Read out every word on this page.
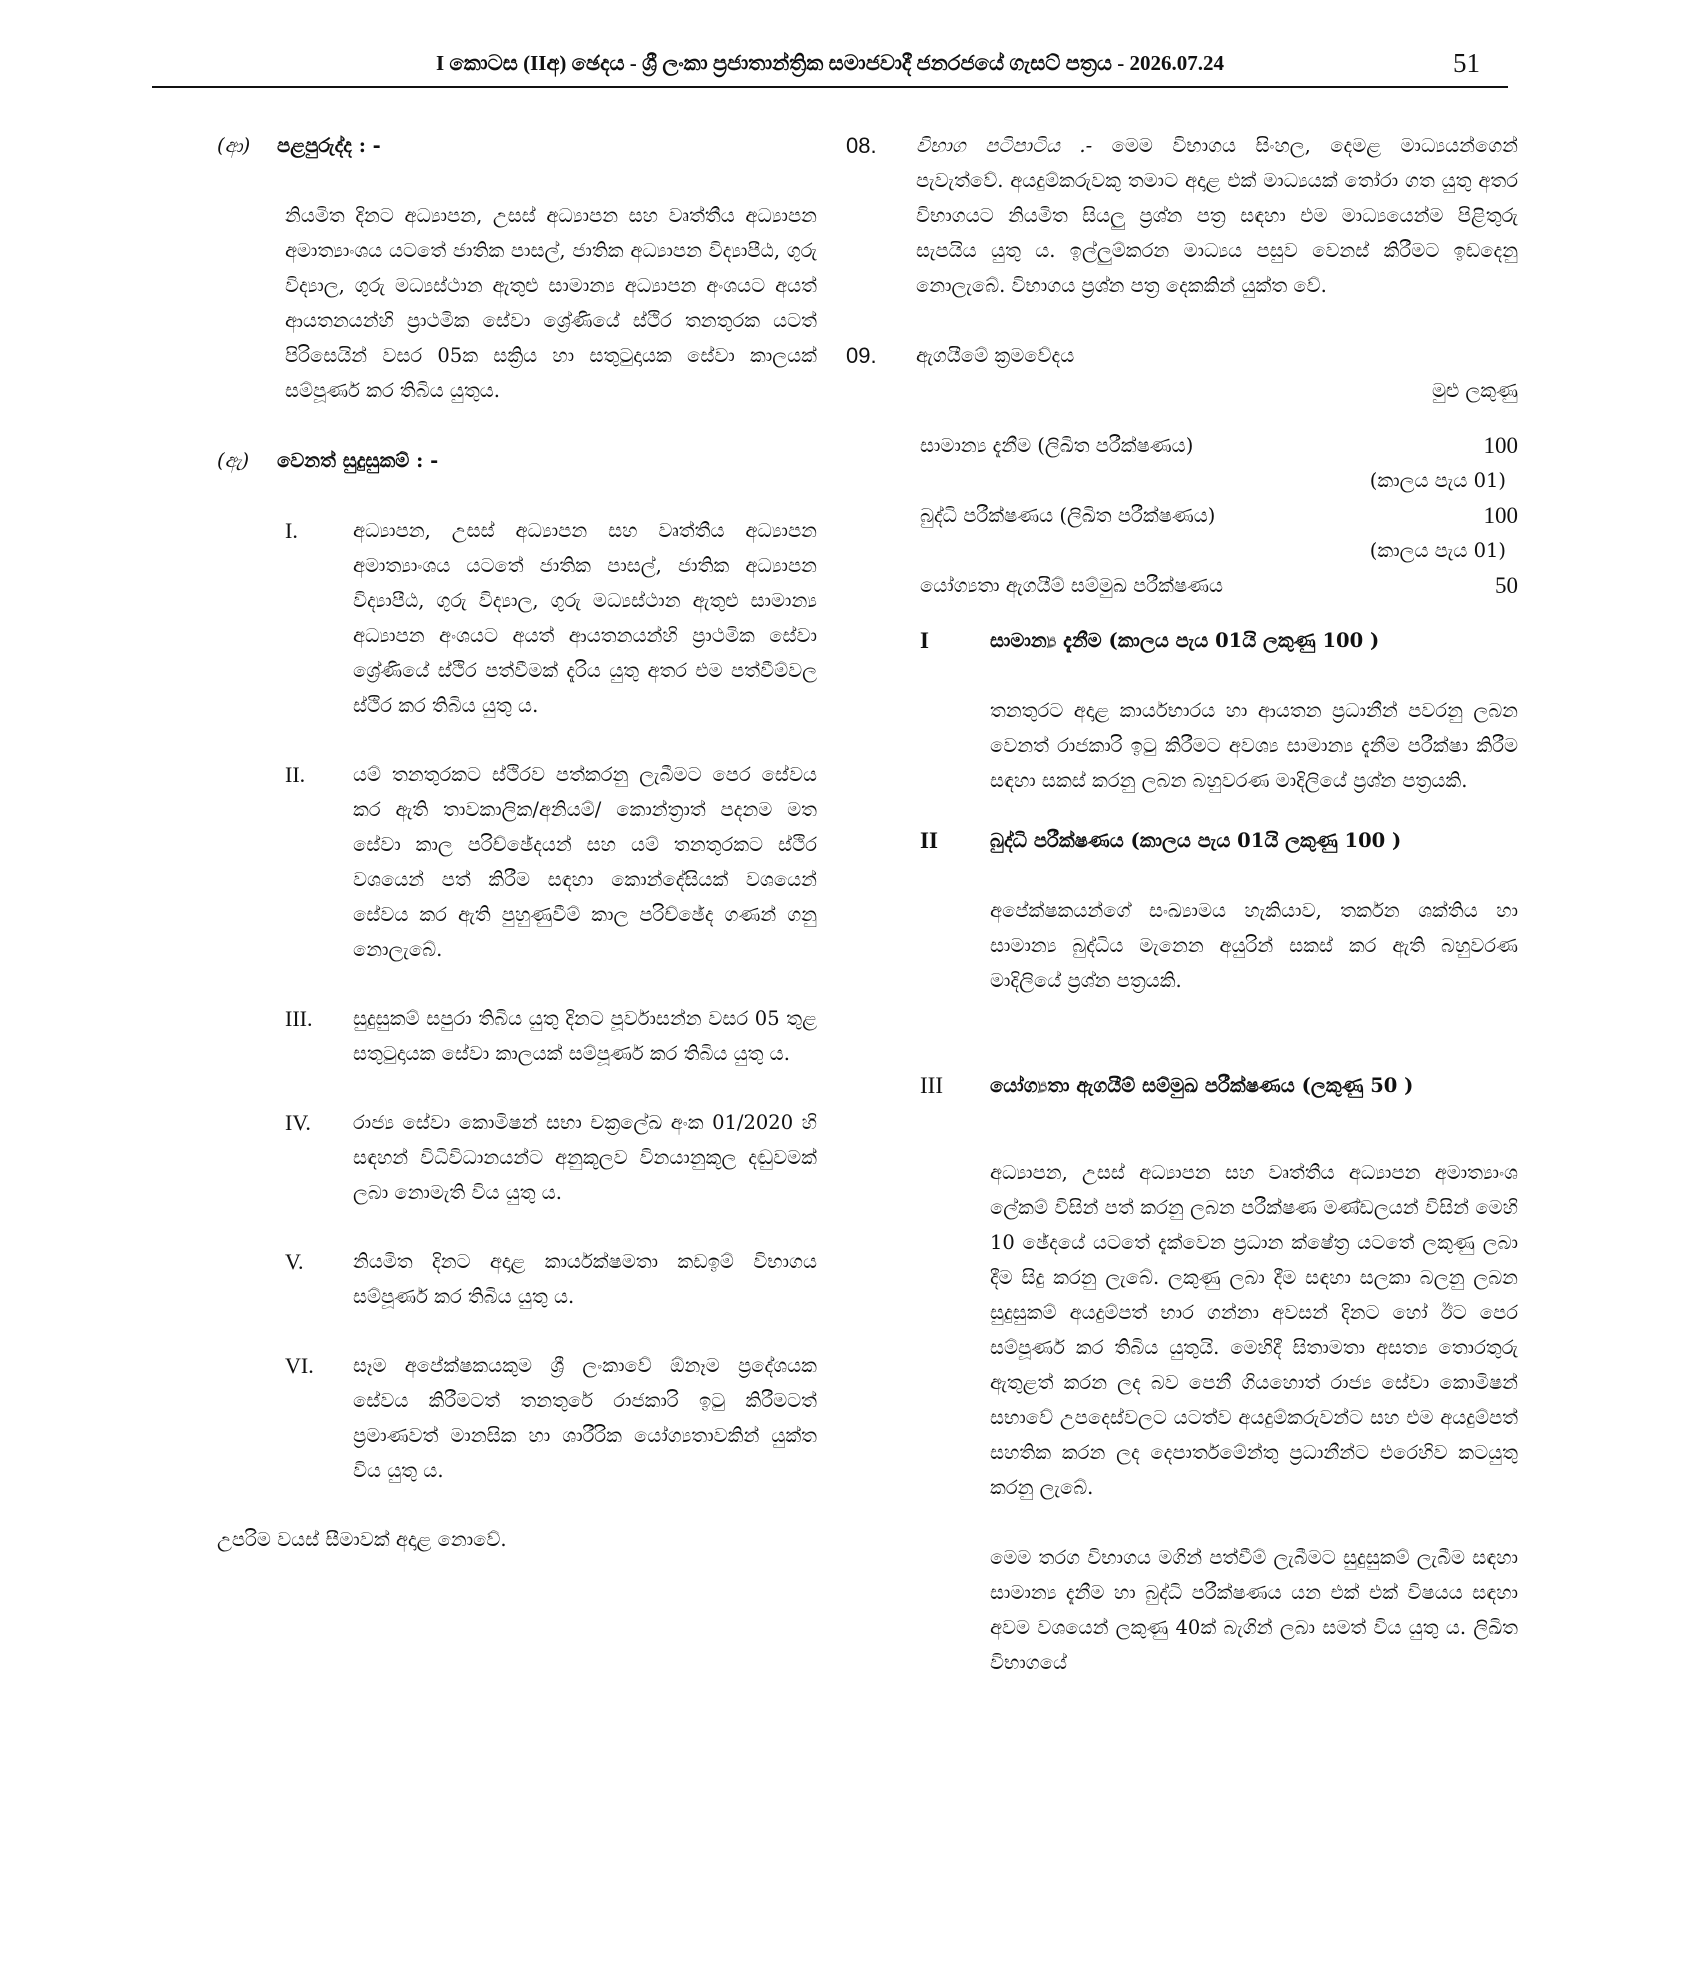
I කොටස (IIඅ) ඡෙදය - ශ්‍රී ලංකා ප්‍රජාතාන්ත්‍රික සමාජවාදී ජනරජයේ ගැසට් පත්‍රය - 2026.07.24	51
(ආ) පළපුරුද්ද : -

නියමිත දිනට අධ්‍යාපන, උසස් අධ්‍යාපන සහ වෘත්තීය අධ්‍යාපන අමාත්‍යාංශය යටතේ ජාතික පාසල්, ජාතික අධ්‍යාපන විද්‍යාපීඨ, ගුරු විද්‍යාල, ගුරු මධ්‍යස්ථාන ඇතුළු සාමාන්‍ය අධ්‍යාපන අංශයට අයත් ආයතනයන්හි ප්‍රාථමික සේවා ශ්‍රේණියේ ස්ථිර තනතුරක යටත් පිරිසෙයින් වසර 05ක සක්‍රිය හා සතුටුදායක සේවා කාලයක් සම්පූර්ණ කර තිබිය යුතුය.

(ඇ) වෙනත් සුදුසුකම් : -
I.	අධ්‍යාපන, උසස් අධ්‍යාපන සහ වෘත්තීය අධ්‍යාපන අමාත්‍යාංශය යටතේ ජාතික පාසල්, ජාතික අධ්‍යාපන විද්‍යාපීඨ, ගුරු විද්‍යාල, ගුරු මධ්‍යස්ථාන ඇතුළු සාමාන්‍ය අධ්‍යාපන අංශයට අයත් ආයතනයන්හි ප්‍රාථමික සේවා ශ්‍රේණියේ ස්ථිර පත්වීමක් දැරිය යුතු අතර එම පත්වීම්වල ස්ථිර කර තිබිය යුතු ය.
II.	යම් තනතුරකට ස්ථිරව පත්කරනු ලැබීමට පෙර සේවය කර ඇති තාවකාලික/අනියම්/ කොන්ත්‍රාත් පදනම මත සේවා කාල පරිච්ඡේදයන් සහ යම් තනතුරකට ස්ථිර වශයෙන් පත් කිරීම සඳහා කොන්දේසියක් වශයෙන් සේවය කර ඇති පුහුණුවීම් කාල පරිච්ඡේද ගණන් ගනු නොලැබේ.
III.	සුදුසුකම් සපුරා තිබිය යුතු දිනට පූර්වාසන්න වසර 05 තුළ සතුටුදායක සේවා කාලයක් සම්පූර්ණ කර තිබිය යුතු ය.
IV.	රාජ්‍ය සේවා කොමිෂන් සභා චක්‍රලේඛ අංක 01/2020 හි සඳහන් විධිවිධානයන්ට අනුකූලව විනයානුකූල දඬුවමක් ලබා නොමැති විය යුතු ය.
V.	නියමිත දිනට අදාළ කාර්යක්ෂමතා කඩඉම් විභාගය සම්පූර්ණ කර තිබිය යුතු ය.
VI.	සෑම අපේක්ෂකයකුම ශ්‍රී ලංකාවේ ඕනෑම ප්‍රදේශයක සේවය කිරීමටත් තනතුරේ රාජකාරි ඉටු කිරීමටත් ප්‍රමාණවත් මානසික හා ශාරීරික යෝග්‍යතාවකින් යුක්ත විය යුතු ය.

උපරිම වයස් සීමාවක් අදාළ නොවේ.

08.	විභාග පටිපාටිය .- මෙම විභාගය සිංහල, දෙමළ මාධ්‍යයන්ගෙන් පැවැත්වේ. අයදුම්කරුවකු තමාට අදාළ එක් මාධ්‍යයක් තෝරා ගත යුතු අතර විභාගයට නියමිත සියලු ප්‍රශ්න පත්‍ර සඳහා එම මාධ්‍යයෙන්ම පිළිතුරු සැපයිය යුතු ය. ඉල්ලුම්කරන මාධ්‍යය පසුව වෙනස් කිරීමට ඉඩදෙනු නොලැබේ. විභාගය ප්‍රශ්න පත්‍ර දෙකකින් යුක්ත වේ.

09.	ඇගයීමේ ක්‍රමවේදය
මුළු ලකුණු
සාමාන්‍ය දැනීම (ලිඛිත පරීක්ෂණය)	100
(කාලය පැය 01)
බුද්ධි පරීක්ෂණය (ලිඛිත පරීක්ෂණය)	100
(කාලය පැය 01)
යෝග්‍යතා ඇගයීම් සම්මුඛ පරීක්ෂණය	50
I	සාමාන්‍ය දැනීම (කාලය පැය 01යි ලකුණු 100 )

තනතුරට අදාළ කාර්යභාරය හා ආයතන ප්‍රධානීන් පවරනු ලබන වෙනත් රාජකාරි ඉටු කිරීමට අවශ්‍ය සාමාන්‍ය දැනීම පරීක්ෂා කිරීම සඳහා සකස් කරනු ලබන බහුවරණ මාදිලියේ ප්‍රශ්න පත්‍රයකි.

II	බුද්ධි පරීක්ෂණය (කාලය පැය 01යි ලකුණු 100 )

අපේක්ෂකයන්ගේ සංඛ්‍යාමය හැකියාව, තර්කන ශක්තිය හා සාමාන්‍ය බුද්ධිය මැනෙන අයුරින් සකස් කර ඇති බහුවරණ මාදිලියේ ප්‍රශ්න පත්‍රයකි.

III	යෝග්‍යතා ඇගයීම් සම්මුඛ පරීක්ෂණය (ලකුණු 50 )

අධ්‍යාපන, උසස් අධ්‍යාපන සහ වෘත්තීය අධ්‍යාපන අමාත්‍යාංශ ලේකම් විසින් පත් කරනු ලබන පරීක්ෂණ මණ්ඩලයන් විසින් මෙහි 10 ඡේදයේ යටතේ දැක්වෙන ප්‍රධාන ක්ෂේත්‍ර යටතේ ලකුණු ලබා දීම සිදු කරනු ලැබේ. ලකුණු ලබා දීම සඳහා සලකා බලනු ලබන සුදුසුකම් අයදුම්පත් භාර ගන්නා අවසන් දිනට හෝ ඊට පෙර සම්පූර්ණ කර තිබිය යුතුයි. මෙහිදී සිතාමතා අසත්‍ය තොරතුරු ඇතුළත් කරන ලද බව පෙනී ගියහොත් රාජ්‍ය සේවා කොමිෂන් සභාවේ උපදෙස්වලට යටත්ව අයදුම්කරුවන්ට සහ එම අයදුම්පත් සහතික කරන ලද දෙපාර්තමේන්තු ප්‍රධානීන්ට එරෙහිව කටයුතු කරනු ලැබේ.

මෙම තරග විභාගය මගින් පත්වීම් ලැබීමට සුදුසුකම් ලැබීම සඳහා සාමාන්‍ය දැනීම හා බුද්ධි පරීක්ෂණය යන එක් එක් විෂයය සඳහා අවම වශයෙන් ලකුණු 40ක් බැගින් ලබා සමත් විය යුතු ය. ලිඛිත විභාගයේ
